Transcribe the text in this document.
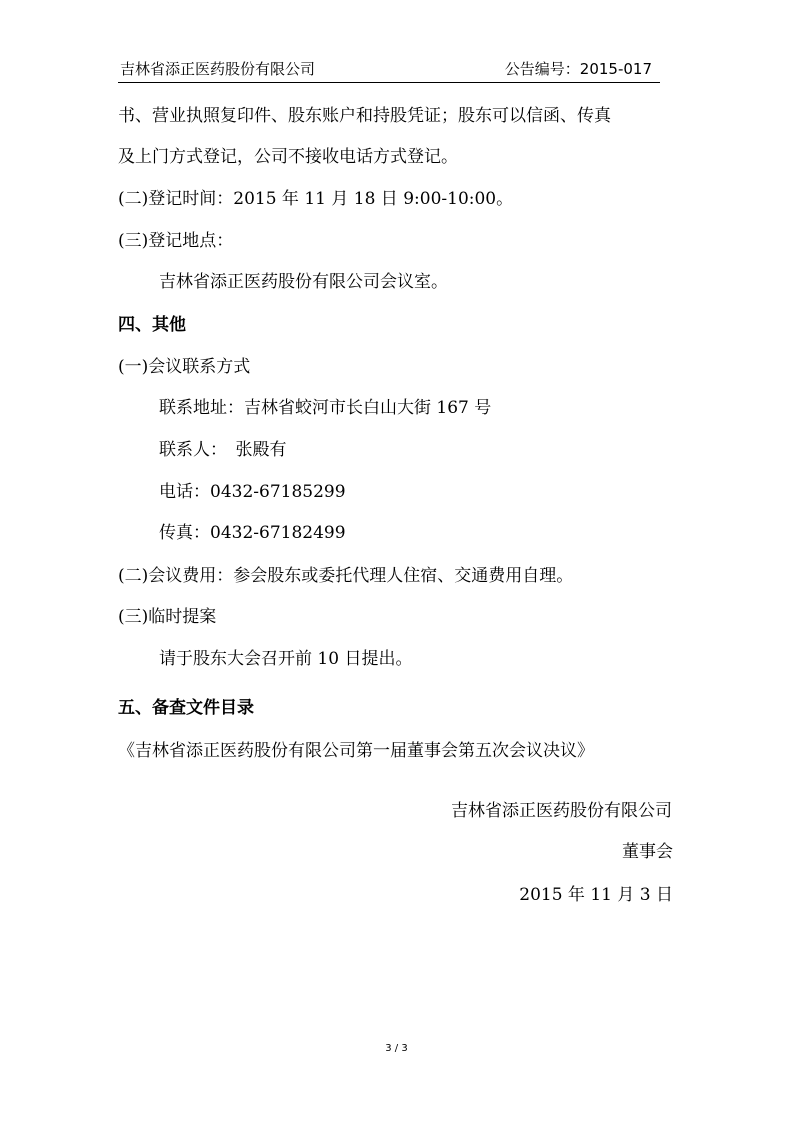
吉林省添正医药股份有限公司	公告编号：2015-017
书、营业执照复印件、股东账户和持股凭证；股东可以信函、传真
及上门方式登记，公司不接收电话方式登记。
(二)登记时间：2015 年 11 月 18 日 9:00-10:00。
(三)登记地点：
吉林省添正医药股份有限公司会议室。
四、其他
(一)会议联系方式
联系地址：吉林省蛟河市长白山大街 167 号
联系人：　张殿有
电话：0432-67185299
传真：0432-67182499
(二)会议费用：参会股东或委托代理人住宿、交通费用自理。
(三)临时提案
请于股东大会召开前 10 日提出。
五、备查文件目录
《吉林省添正医药股份有限公司第一届董事会第五次会议决议》
吉林省添正医药股份有限公司
董事会
2015 年 11 月 3 日
3 / 3
